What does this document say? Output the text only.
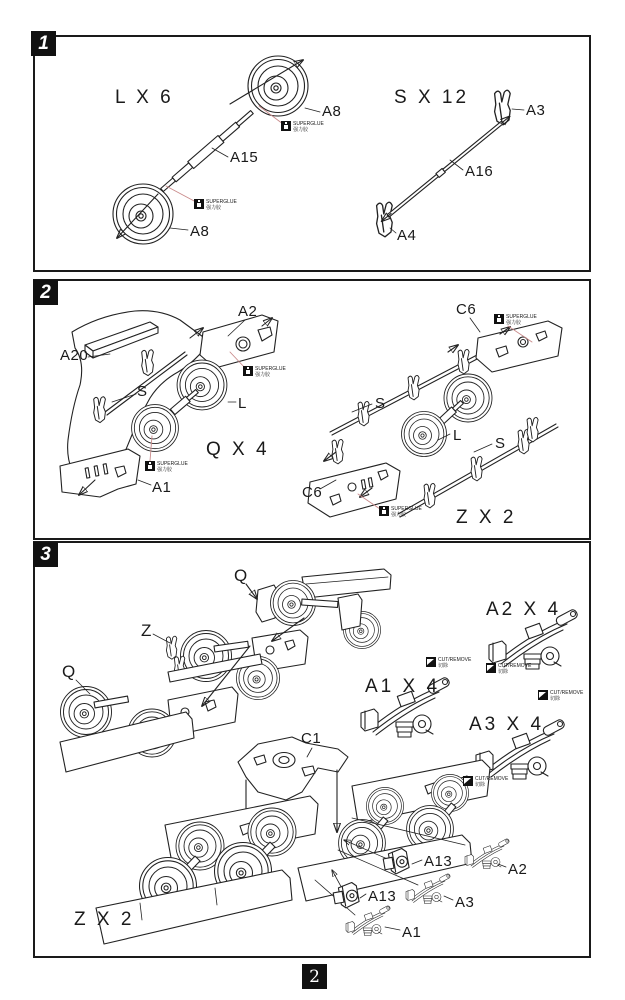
1
2
3
L X 6
A8
A15
A8
S X 12
A3
A16
A4
A2
A20
S
L
Q X 4
A1
C6
S
L S
C6
Z X 2
Q
Z
Q
A2 X 4
A1 X 4
A3 X 4
C1
A13	A2
A13	A3
A1
Z X 2
SUPERGLUE
强力胶
SUPERGLUE
强力胶
SUPERGLUE
强力胶
SUPERGLUE
强力胶
SUPERGLUE
强力胶
SUPERGLUE
强力胶
CUT/REMOVE
切除	CUT/REMOVE
切除
CUT/REMOVE
切除
CUT/REMOVE
切除
2
